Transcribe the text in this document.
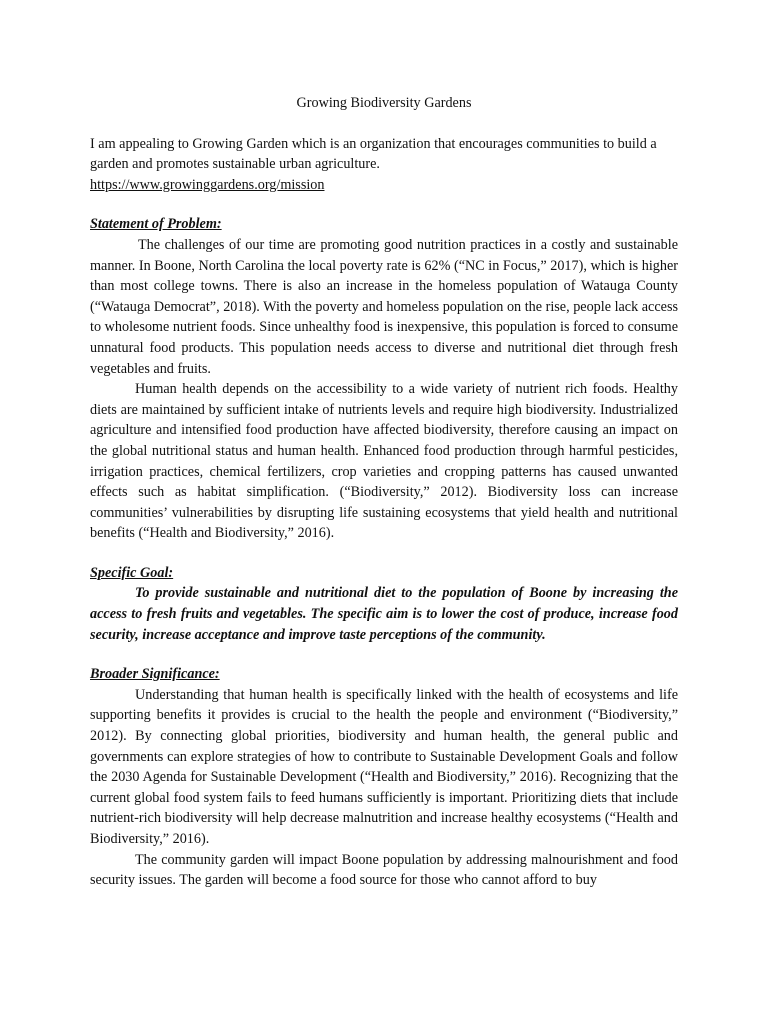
Growing Biodiversity Gardens

I am appealing to Growing Garden which is an organization that encourages communities to build a garden and promotes sustainable urban agriculture.
https://www.growinggardens.org/mission

Statement of Problem:

The challenges of our time are promoting good nutrition practices in a costly and sustainable manner. In Boone, North Carolina the local poverty rate is 62% (“NC in Focus,” 2017), which is higher than most college towns. There is also an increase in the homeless population of Watauga County (“Watauga Democrat”, 2018). With the poverty and homeless population on the rise, people lack access to wholesome nutrient foods. Since unhealthy food is inexpensive, this population is forced to consume unnatural food products. This population needs access to diverse and nutritional diet through fresh vegetables and fruits.

Human health depends on the accessibility to a wide variety of nutrient rich foods. Healthy diets are maintained by sufficient intake of nutrients levels and require high biodiversity. Industrialized agriculture and intensified food production have affected biodiversity, therefore causing an impact on the global nutritional status and human health. Enhanced food production through harmful pesticides, irrigation practices, chemical fertilizers, crop varieties and cropping patterns has caused unwanted effects such as habitat simplification. (“Biodiversity,” 2012). Biodiversity loss can increase communities’ vulnerabilities by disrupting life sustaining ecosystems that yield health and nutritional benefits (“Health and Biodiversity,” 2016).

Specific Goal:

To provide sustainable and nutritional diet to the population of Boone by increasing the access to fresh fruits and vegetables. The specific aim is to lower the cost of produce, increase food security, increase acceptance and improve taste perceptions of the community.

Broader Significance:

Understanding that human health is specifically linked with the health of ecosystems and life supporting benefits it provides is crucial to the health the people and environment (“Biodiversity,” 2012). By connecting global priorities, biodiversity and human health, the general public and governments can explore strategies of how to contribute to Sustainable Development Goals and follow the 2030 Agenda for Sustainable Development (“Health and Biodiversity,” 2016). Recognizing that the current global food system fails to feed humans sufficiently is important. Prioritizing diets that include nutrient-rich biodiversity will help decrease malnutrition and increase healthy ecosystems (“Health and Biodiversity,” 2016).

The community garden will impact Boone population by addressing malnourishment and food security issues. The garden will become a food source for those who cannot afford to buy
